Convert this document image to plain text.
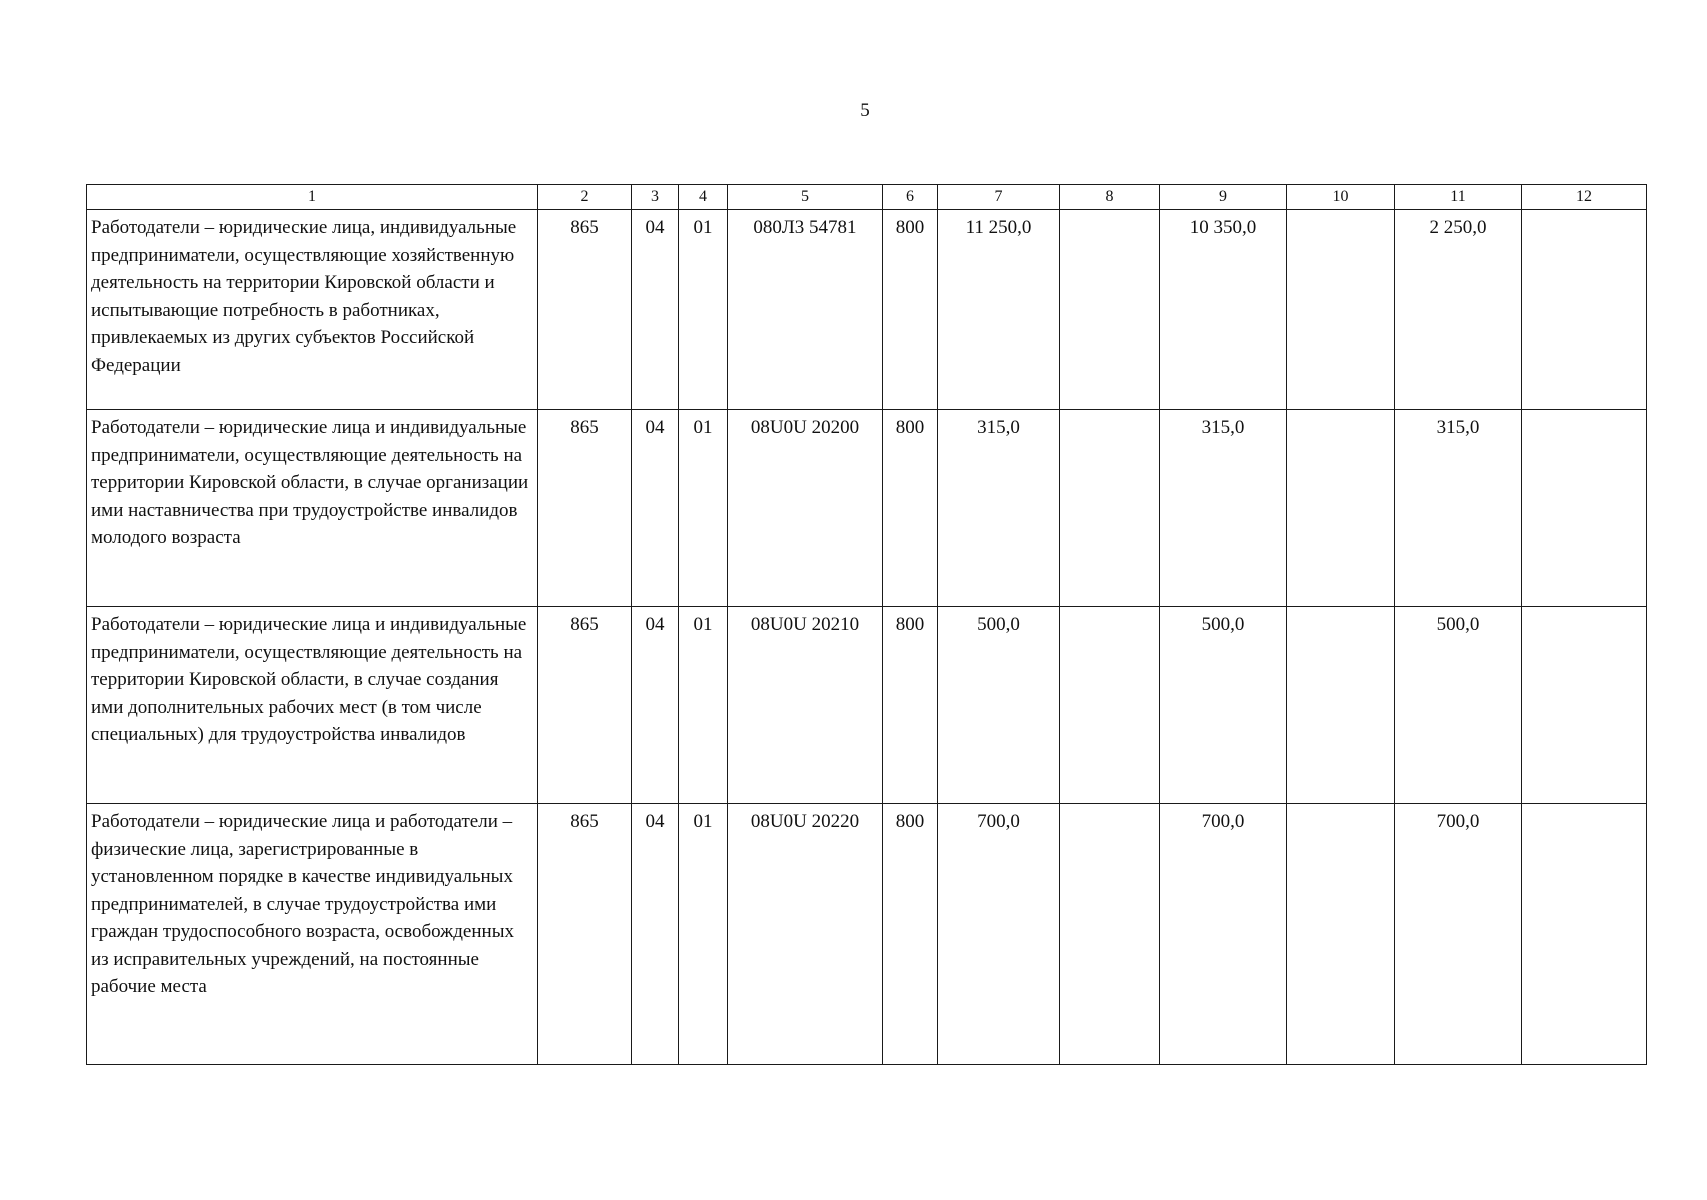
5
1	2	3	4	5	6	7	8	9	10	11	12
Работодатели – юридические лица, индивидуальные предприниматели, осуществляющие хозяйственную деятельность на территории Кировской области и испытывающие потребность в работниках, привлекаемых из других субъектов Российской Федерации	865	04	01	080Л3 54781	800	11 250,0		10 350,0		2 250,0	
Работодатели – юридические лица и индивидуальные предприниматели, осуществляющие деятельность на территории Кировской области, в случае организации ими наставничества при трудоустройстве инвалидов молодого возраста	865	04	01	08U0U 20200	800	315,0		315,0		315,0	
Работодатели – юридические лица и индивидуальные предприниматели, осуществляющие деятельность на территории Кировской области, в случае создания ими дополнительных рабочих мест (в том числе специальных) для трудоустройства инвалидов	865	04	01	08U0U 20210	800	500,0		500,0		500,0	
Работодатели – юридические лица и работодатели – физические лица, зарегистрированные в установленном порядке в качестве индивидуальных предпринимателей, в случае трудоустройства ими граждан трудоспособного возраста, освобожденных из исправительных учреждений, на постоянные рабочие места	865	04	01	08U0U 20220	800	700,0		700,0		700,0	
